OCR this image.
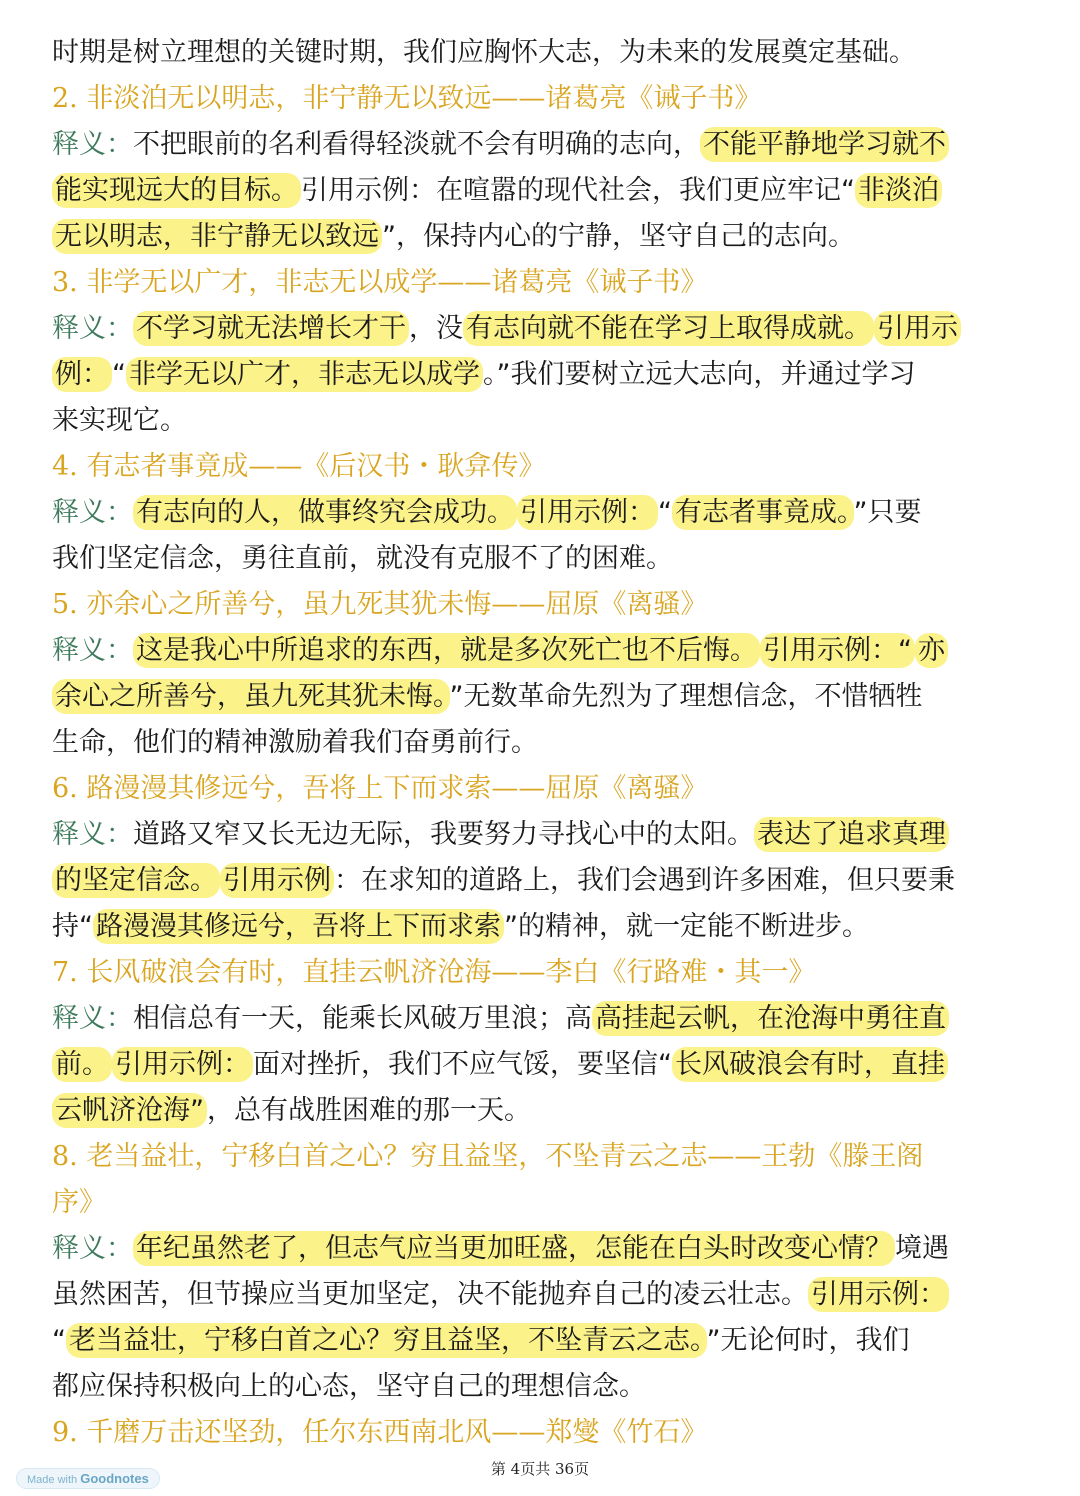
时期是树立理想的关键时期，我们应胸怀大志，为未来的发展奠定基础。
2. 非淡泊无以明志，非宁静无以致远——诸葛亮《诫子书》
释义：不把眼前的名利看得轻淡就不会有明确的志向， 不能平静地学习就不
能实现远大的目标。 引用示例：在喧嚣的现代社会，我们更应牢记“ 非淡泊
无以明志，非宁静无以致远 ”，保持内心的宁静，坚守自己的志向。
3. 非学无以广才，非志无以成学——诸葛亮《诫子书》
释义： 不学习就无法增长才干 ，没 有志向就不能在学习上取得成就。 引用示
例： “ 非学无以广才，非志无以成学 。”我们要树立远大志向，并通过学习
来实现它。
4. 有志者事竟成——《后汉书・耿弇传》
释义： 有志向的人，做事终究会成功。 引用示例： “ 有志者事竟成。 ”只要
我们坚定信念，勇往直前，就没有克服不了的困难。
5. 亦余心之所善兮，虽九死其犹未悔——屈原《离骚》
释义： 这是我心中所追求的东西，就是多次死亡也不后悔。 引用示例：“ 亦
余心之所善兮，虽九死其犹未悔。 ”无数革命先烈为了理想信念，不惜牺牲
生命，他们的精神激励着我们奋勇前行。
6. 路漫漫其修远兮，吾将上下而求索——屈原《离骚》
释义：道路又窄又长无边无际，我要努力寻找心中的太阳。 表达了追求真理
的坚定信念。 引用示例 ：在求知的道路上，我们会遇到许多困难，但只要秉
持“ 路漫漫其修远兮，吾将上下而求索 ”的精神，就一定能不断进步。
7. 长风破浪会有时，直挂云帆济沧海——李白《行路难・其一》
释义：相信总有一天，能乘长风破万里浪；高 高挂起云帆，在沧海中勇往直
前。 引用示例： 面对挫折，我们不应气馁，要坚信“ 长风破浪会有时，直挂
云帆济沧海” ，总有战胜困难的那一天。
8. 老当益壮，宁移白首之心？穷且益坚，不坠青云之志——王勃《滕王阁
序》
释义： 年纪虽然老了，但志气应当更加旺盛，怎能在白头时改变心情？ 境遇
虽然困苦，但节操应当更加坚定，决不能抛弃自己的凌云壮志。 引用示例：
“ 老当益壮，宁移白首之心？穷且益坚，不坠青云之志。 ”无论何时，我们
都应保持积极向上的心态，坚守自己的理想信念。
9. 千磨万击还坚劲，任尔东西南北风——郑燮《竹石》
第 4页共 36页
Made with Goodnotes
